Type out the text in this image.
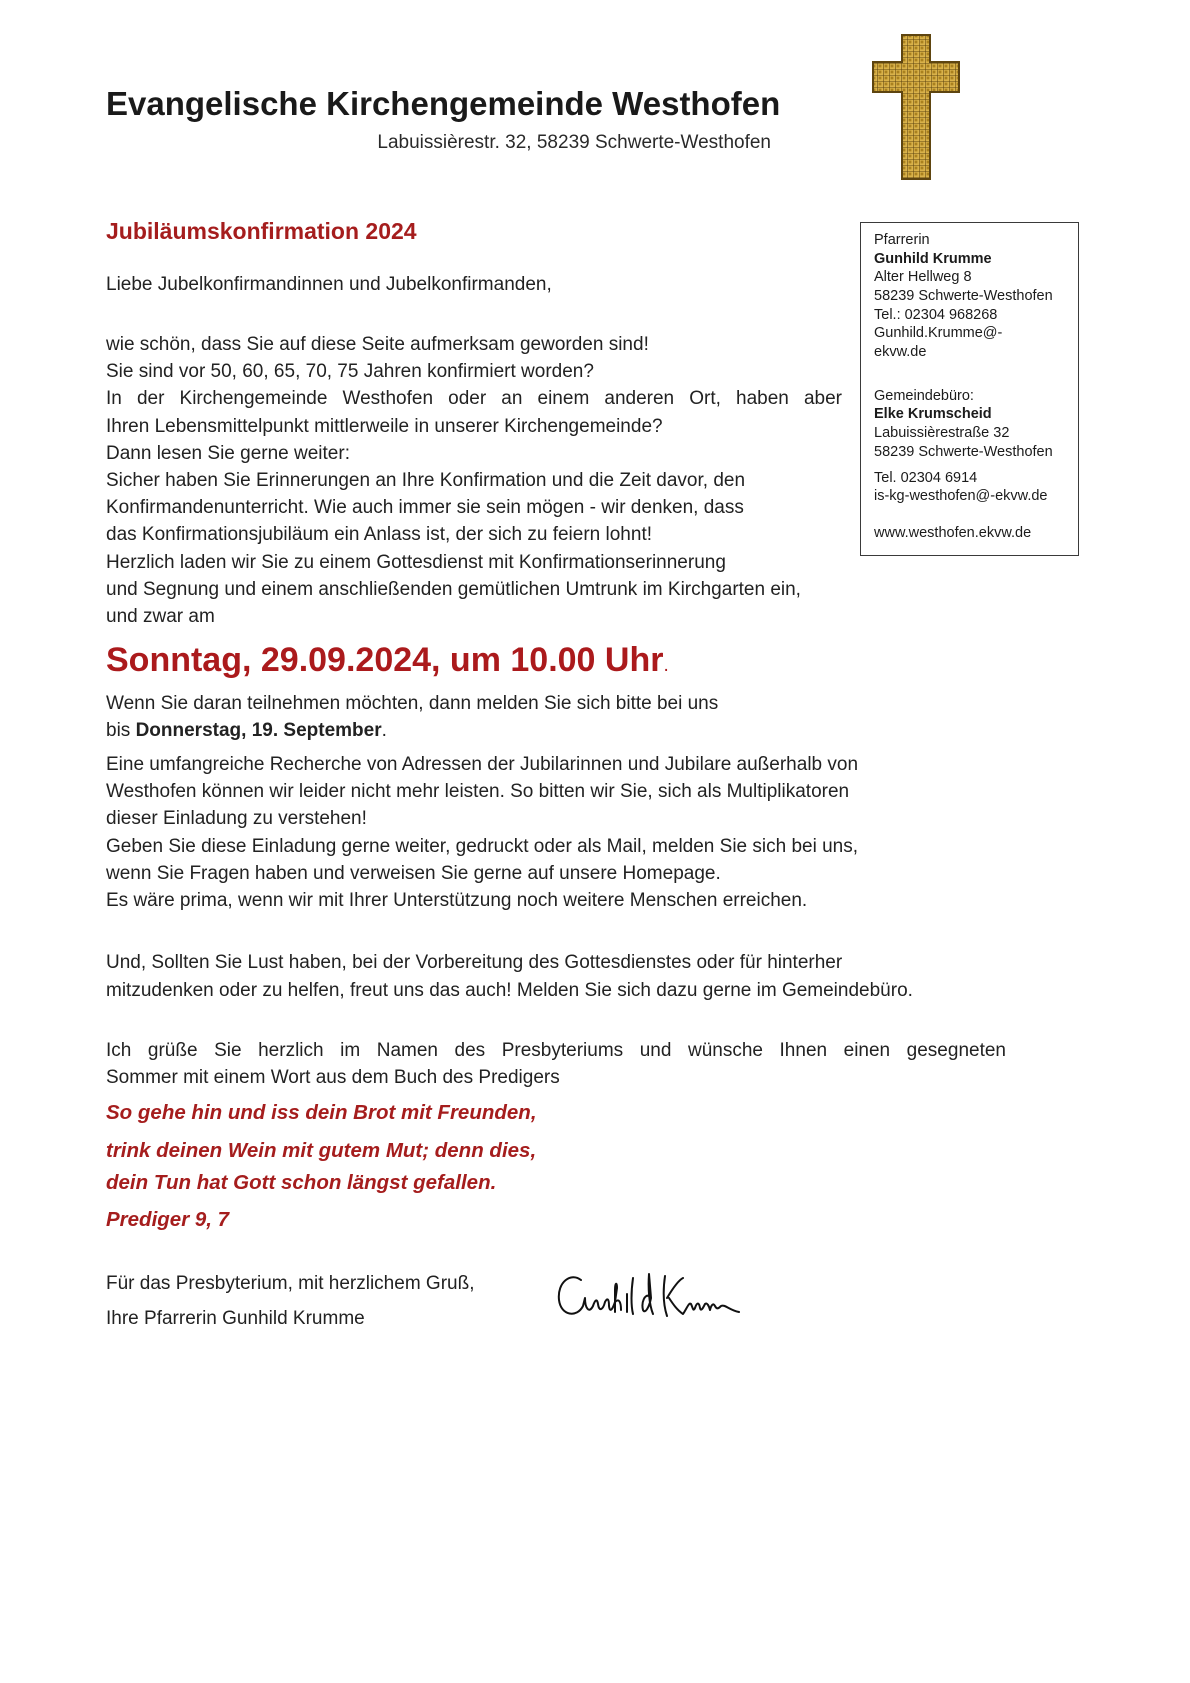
Evangelische Kirchengemeinde Westhofen
Labuissièrestr. 32, 58239 Schwerte-Westhofen
Jubiläumskonfirmation 2024	Pfarrerin
Gunhild Krumme
Alter Hellweg 8
58239 Schwerte-Westhofen
Tel.: 02304 968268
Gunhild.Krumme@-
ekvw.de
Gemeindebüro:
Elke Krumscheid
Labuissièrestraße 32
58239 Schwerte-Westhofen
Tel. 02304 6914
is-kg-westhofen@-ekvw.de
www.westhofen.ekvw.de
Liebe Jubelkonfirmandinnen und Jubelkonfirmanden,
wie schön, dass Sie auf diese Seite aufmerksam geworden sind!
Sie sind vor 50, 60, 65, 70, 75 Jahren konfirmiert worden?
In der Kirchengemeinde Westhofen oder an einem anderen Ort, haben aber
Ihren Lebensmittelpunkt mittlerweile in unserer Kirchengemeinde?
Dann lesen Sie gerne weiter:
Sicher haben Sie Erinnerungen an Ihre Konfirmation und die Zeit davor, den
Konfirmandenunterricht. Wie auch immer sie sein mögen - wir denken, dass
das Konfirmationsjubiläum ein Anlass ist, der sich zu feiern lohnt!
Herzlich laden wir Sie zu einem Gottesdienst mit Konfirmationserinnerung
und Segnung und einem anschließenden gemütlichen Umtrunk im Kirchgarten ein,
und zwar am
Sonntag, 29.09.2024, um 10.00 Uhr.
Wenn Sie daran teilnehmen möchten, dann melden Sie sich bitte bei uns
bis Donnerstag, 19. September.
Eine umfangreiche Recherche von Adressen der Jubilarinnen und Jubilare außerhalb von
Westhofen können wir leider nicht mehr leisten. So bitten wir Sie, sich als Multiplikatoren
dieser Einladung zu verstehen!
Geben Sie diese Einladung gerne weiter, gedruckt oder als Mail, melden Sie sich bei uns,
wenn Sie Fragen haben und verweisen Sie gerne auf unsere Homepage.
Es wäre prima, wenn wir mit Ihrer Unterstützung noch weitere Menschen erreichen.
Und, Sollten Sie Lust haben, bei der Vorbereitung des Gottesdienstes oder für hinterher
mitzudenken oder zu helfen, freut uns das auch! Melden Sie sich dazu gerne im Gemeindebüro.
Ich grüße Sie herzlich im Namen des Presbyteriums und wünsche Ihnen einen gesegneten
Sommer mit einem Wort aus dem Buch des Predigers
So gehe hin und iss dein Brot mit Freunden,
trink deinen Wein mit gutem Mut; denn dies,
dein Tun hat Gott schon längst gefallen.
Prediger 9, 7
Für das Presbyterium, mit herzlichem Gruß,
Ihre Pfarrerin Gunhild Krumme
